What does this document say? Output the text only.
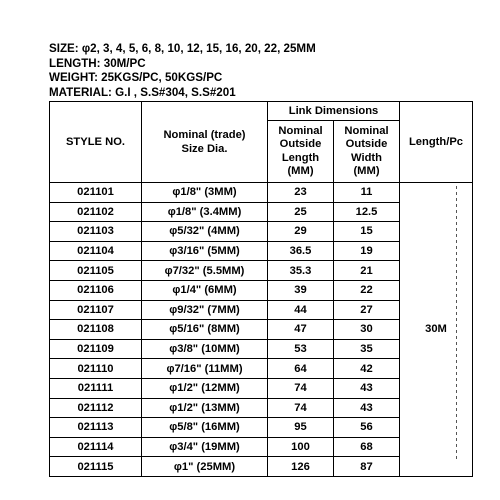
SIZE: φ2, 3, 4, 5, 6, 8, 10, 12, 15, 16, 20, 22, 25MM
LENGTH: 30M/PC
WEIGHT: 25KGS/PC, 50KGS/PC
MATERIAL: G.I , S.S#304, S.S#201
STYLE NO.	Nominal (trade) Size Dia.	Link Dimensions		Length/Pc
		Nominal Outside Length (MM)	Nominal Outside Width (MM)	
021101	φ1/8" (3MM)	23	11	30M
021102	φ1/8" (3.4MM)	25	12.5	
021103	φ5/32" (4MM)	29	15	
021104	φ3/16" (5MM)	36.5	19	
021105	φ7/32" (5.5MM)	35.3	21	
021106	φ1/4" (6MM)	39	22	
021107	φ9/32" (7MM)	44	27	
021108	φ5/16" (8MM)	47	30	
021109	φ3/8" (10MM)	53	35	
021110	φ7/16" (11MM)	64	42	
021111	φ1/2" (12MM)	74	43	
021112	φ1/2" (13MM)	74	43	
021113	φ5/8" (16MM)	95	56	
021114	φ3/4" (19MM)	100	68	
021115	φ1" (25MM)	126	87	
